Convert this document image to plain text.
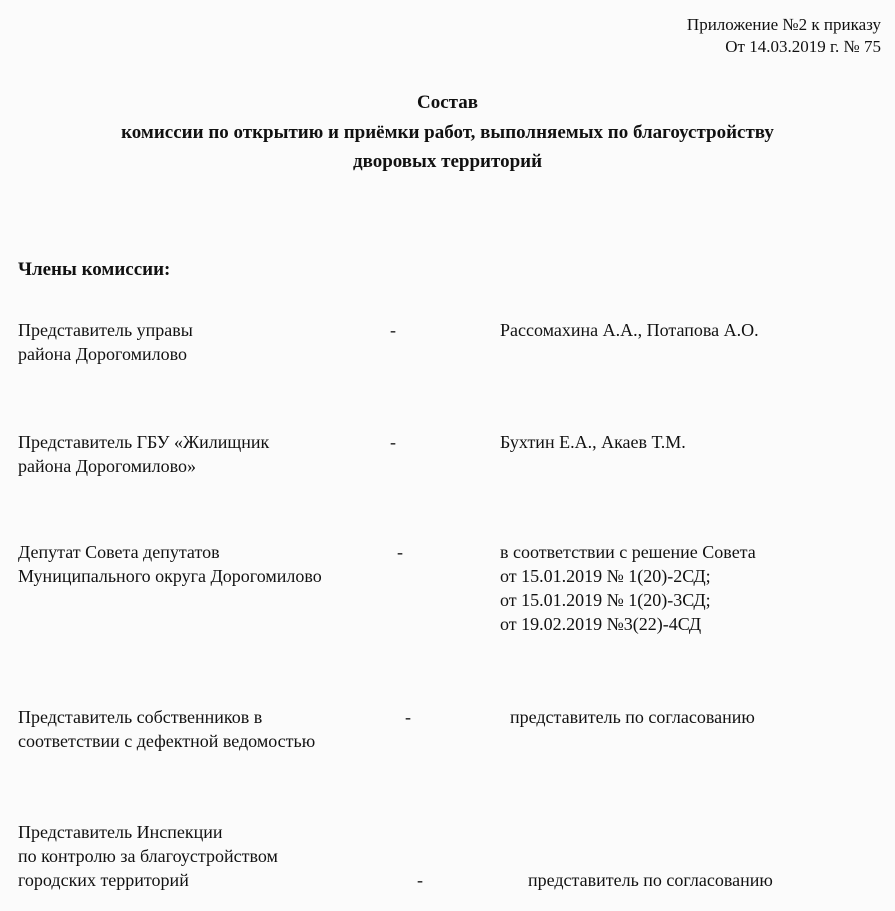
Приложение №2 к приказу
От 14.03.2019 г. № 75
Состав
комиссии по открытию и приёмки работ, выполняемых по благоустройству
дворовых территорий
Члены комиссии:
Представитель управы
района Дорогомилово
-	Рассомахина А.А., Потапова А.О.
Представитель ГБУ «Жилищник
района Дорогомилово»
-	Бухтин Е.А., Акаев Т.М.
Депутат Совета депутатов
Муниципального округа Дорогомилово
-	в соответствии с решение Совета
от 15.01.2019 № 1(20)-2СД;
от 15.01.2019 № 1(20)-3СД;
от 19.02.2019 №3(22)-4СД
Представитель собственников в
соответствии с дефектной ведомостью
-	представитель по согласованию
Представитель Инспекции
по контролю за благоустройством
городских территорий	-	представитель по согласованию
